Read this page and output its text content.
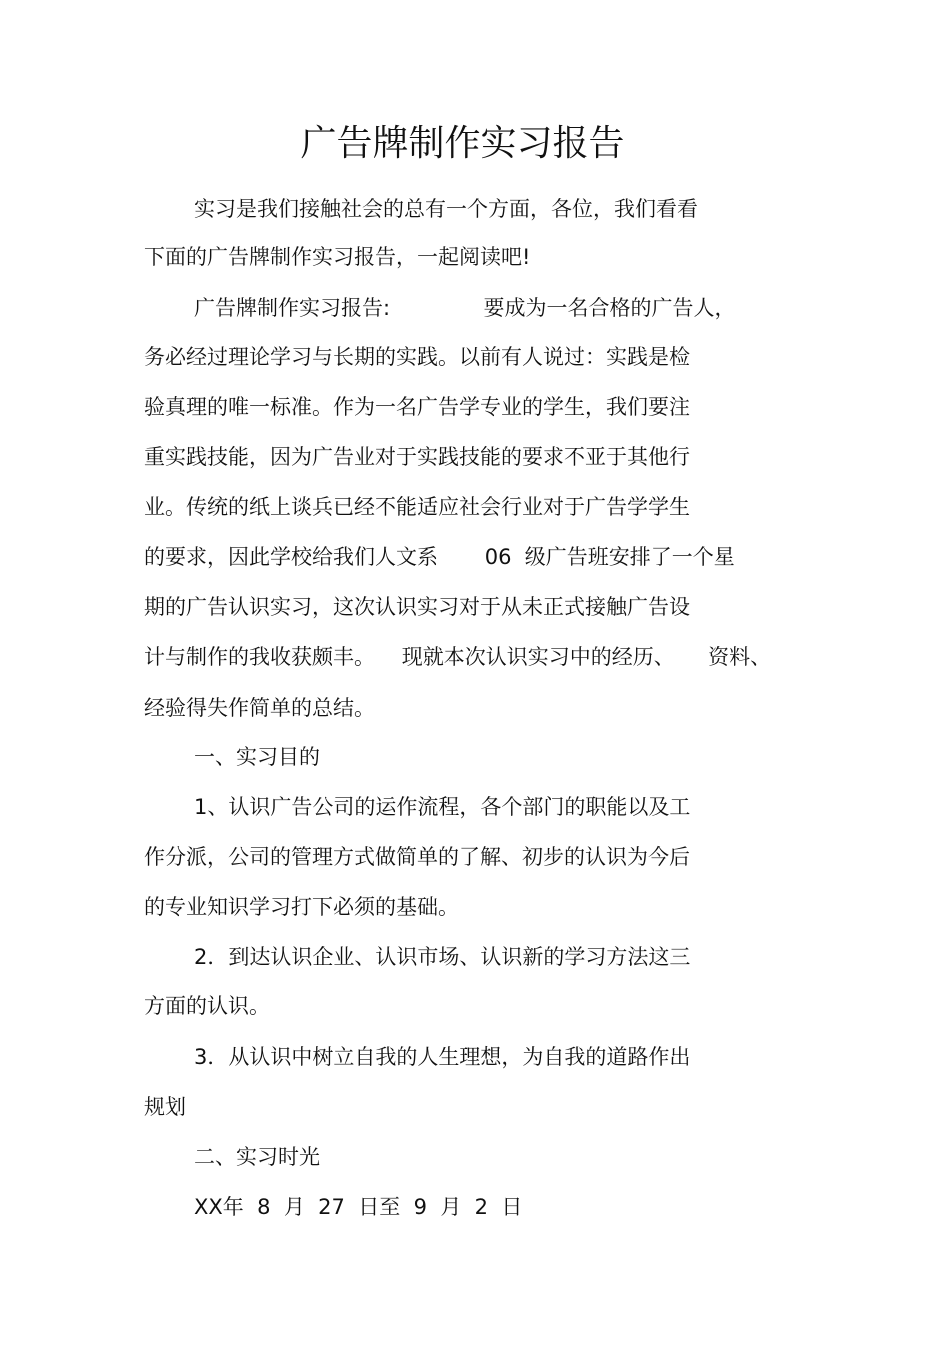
广告牌制作实习报告
实习是我们接触社会的总有一个方面，各位，我们看看
下面的广告牌制作实习报告，一起阅读吧!
广告牌制作实习报告:              要成为一名合格的广告人，
务必经过理论学习与长期的实践。以前有人说过：实践是检
验真理的唯一标准。作为一名广告学专业的学生，我们要注
重实践技能，因为广告业对于实践技能的要求不亚于其他行
业。传统的纸上谈兵已经不能适应社会行业对于广告学学生
的要求，因此学校给我们人文系       06  级广告班安排了一个星
期的广告认识实习，这次认识实习对于从未正式接触广告设
计与制作的我收获颇丰。    现就本次认识实习中的经历、     资料、
经验得失作简单的总结。
一、实习目的
1、认识广告公司的运作流程，各个部门的职能以及工
作分派，公司的管理方式做简单的了解、初步的认识为今后
的专业知识学习打下必须的基础。
2．到达认识企业、认识市场、认识新的学习方法这三
方面的认识。
3．从认识中树立自我的人生理想，为自我的道路作出
规划
二、实习时光
XX年  8  月  27  日至  9  月  2  日
